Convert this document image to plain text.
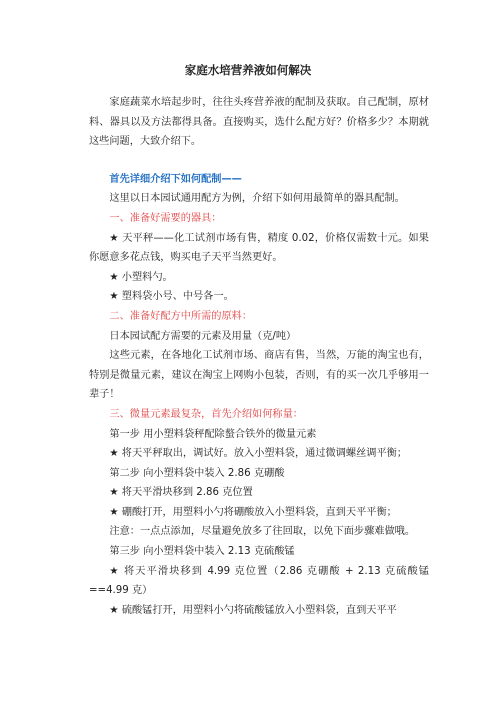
家庭水培营养液如何解决

家庭蔬菜水培起步时，往往头疼营养液的配制及获取。自己配制，原材料、器具以及方法都得具备。直接购买，选什么配方好？价格多少？本期就这些问题，大致介绍下。

首先详细介绍下如何配制——

这里以日本园试通用配方为例，介绍下如何用最简单的器具配制。

一、准备好需要的器具：

★ 天平秤——化工试剂市场有售，精度 0.02，价格仅需数十元。如果你愿意多花点钱，购买电子天平当然更好。

★ 小塑料勺。

★ 塑料袋小号、中号各一。

二、准备好配方中所需的原料：

日本园试配方需要的元素及用量（克/吨）

这些元素，在各地化工试剂市场、商店有售，当然，万能的淘宝也有，特别是微量元素，建议在淘宝上网购小包装，否则，有的买一次几乎够用一辈子！

三、微量元素最复杂，首先介绍如何称量：

第一步 用小塑料袋秤配除螯合铁外的微量元素

★ 将天平秤取出，调试好。放入小塑料袋，通过微调螺丝调平衡；

第二步 向小塑料袋中装入 2.86 克硼酸

★ 将天平滑块移到 2.86 克位置

★ 硼酸打开，用塑料小勺将硼酸放入小塑料袋，直到天平平衡；

注意：一点点添加，尽量避免放多了往回取，以免下面步骤难做哦。

第三步 向小塑料袋中装入 2.13 克硫酸锰

★ 将天平滑块移到 4.99 克位置（2.86 克硼酸 + 2.13 克硫酸锰==4.99 克）

★ 硫酸锰打开，用塑料小勺将硫酸锰放入小塑料袋，直到天平平
